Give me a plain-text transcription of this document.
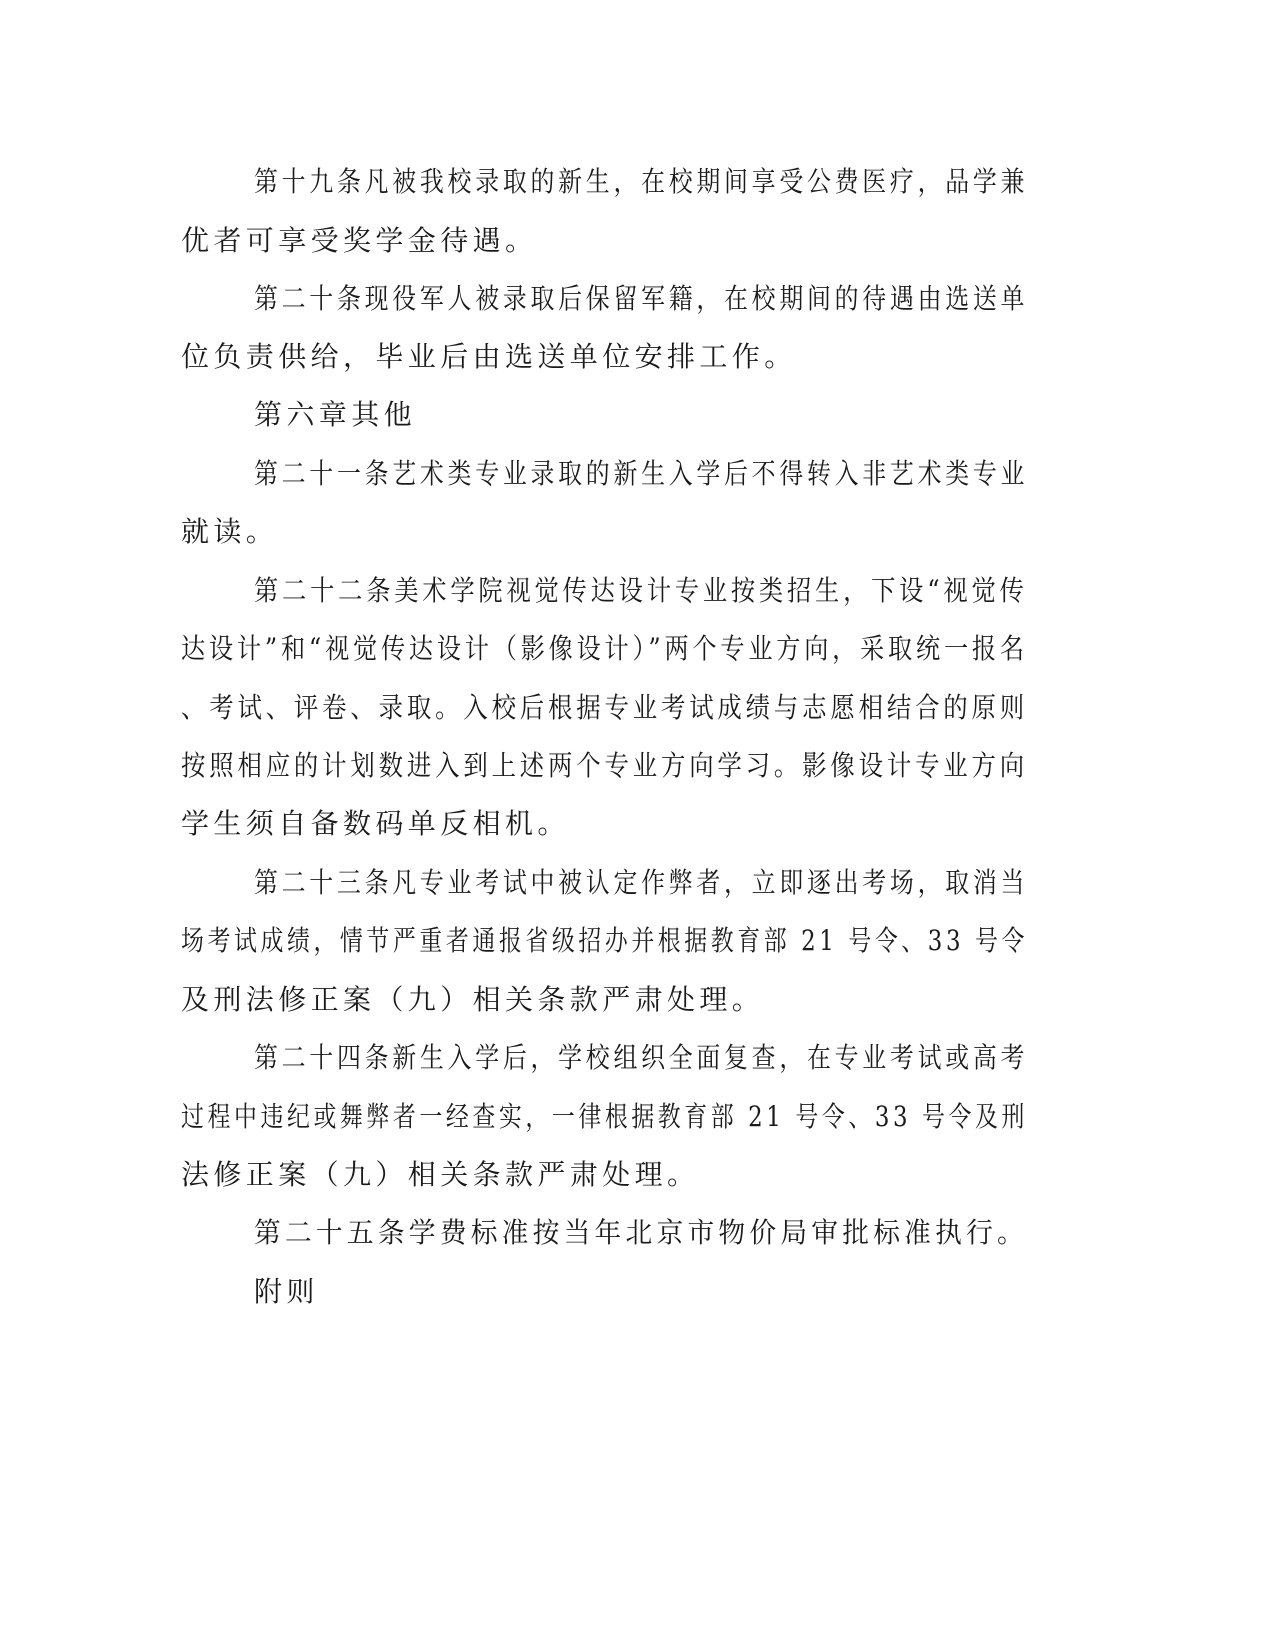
第十九条凡被我校录取的新生，在校期间享受公费医疗，品学兼
优者可享受奖学金待遇。
第二十条现役军人被录取后保留军籍，在校期间的待遇由选送单
位负责供给，毕业后由选送单位安排工作。
第六章其他
第二十一条艺术类专业录取的新生入学后不得转入非艺术类专业
就读。
第二十二条美术学院视觉传达设计专业按类招生，下设“视觉传
达设计”和“视觉传达设计（影像设计）”两个专业方向，采取统一报名
、考试、评卷、录取。入校后根据专业考试成绩与志愿相结合的原则
按照相应的计划数进入到上述两个专业方向学习。影像设计专业方向
学生须自备数码单反相机。
第二十三条凡专业考试中被认定作弊者，立即逐出考场，取消当
场考试成绩，情节严重者通报省级招办并根据教育部 21 号令、33 号令
及刑法修正案（九）相关条款严肃处理。
第二十四条新生入学后，学校组织全面复查，在专业考试或高考
过程中违纪或舞弊者一经查实，一律根据教育部 21 号令、33 号令及刑
法修正案（九）相关条款严肃处理。
第二十五条学费标准按当年北京市物价局审批标准执行。
附则
